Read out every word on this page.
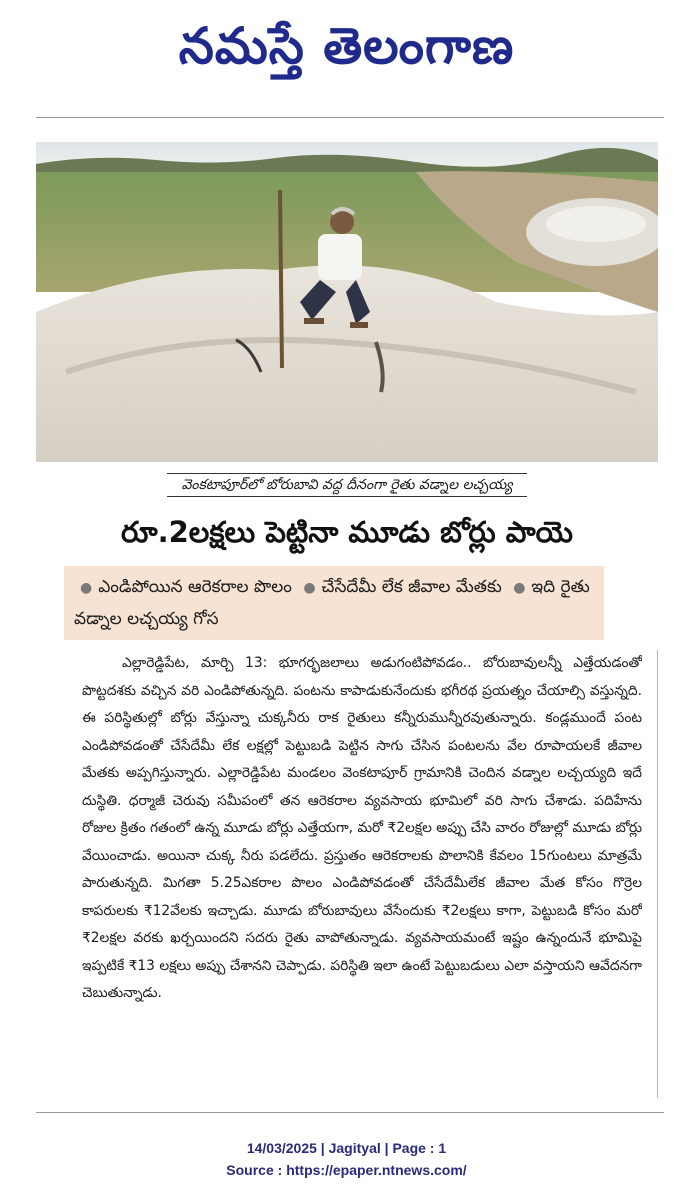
నమస్తే తెలంగాణ
వెంకటాపూర్‌లో బోరుబావి వద్ద దీనంగా రైతు వడ్నాల లచ్చయ్య
రూ.2లక్షలు పెట్టినా మూడు బోర్లు పాయె
● ఎండిపోయిన ఆరెకరాల పొలం ● చేసేదేమీ లేక జీవాల మేతకు ● ఇది రైతు వడ్నాల లచ్చయ్య గోస
ఎల్లారెడ్డిపేట, మార్చి 13: భూగర్భజలాలు అడుగంటిపోవడం.. బోరుబావులన్నీ ఎత్తేయడంతో పొట్టదశకు వచ్చిన వరి ఎండిపోతున్నది. పంటను కాపాడుకునేందుకు భగీరథ ప్రయత్నం చేయాల్సి వస్తున్నది. ఈ పరిస్థితుల్లో బోర్లు వేస్తున్నా చుక్కనీరు రాక రైతులు కన్నీరుమున్నీరవుతున్నారు. కండ్లముందే పంట ఎండిపోవడంతో చేసేదేమీ లేక లక్షల్లో పెట్టుబడి పెట్టిన సాగు చేసిన పంటలను వేల రూపాయలకే జీవాల మేతకు అప్పగిస్తున్నారు. ఎల్లారెడ్డిపేట మండలం వెంకటాపూర్ గ్రామానికి చెందిన వడ్నాల లచ్చయ్యది ఇదే దుస్థితి. ధర్మాజీ చెరువు సమీపంలో తన ఆరెకరాల వ్యవసాయ భూమిలో వరి సాగు చేశాడు. పదిహేను రోజుల క్రితం గతంలో ఉన్న మూడు బోర్లు ఎత్తేయగా, మరో ₹2లక్షల అప్పు చేసి వారం రోజుల్లో మూడు బోర్లు వేయించాడు. అయినా చుక్క నీరు పడలేదు. ప్రస్తుతం ఆరెకరాలకు పొలానికి కేవలం 15గుంటలు మాత్రమే పారుతున్నది. మిగతా 5.25ఎకరాల పొలం ఎండిపోవడంతో చేసేదేమీలేక జీవాల మేత కోసం గొర్రెల కాపరులకు ₹12వేలకు ఇచ్చాడు. మూడు బోరుబావులు వేసేందుకు ₹2లక్షలు కాగా, పెట్టుబడి కోసం మరో ₹2లక్షల వరకు ఖర్చయిందని సదరు రైతు వాపోతున్నాడు. వ్యవసాయమంటే ఇష్టం ఉన్నందునే భూమిపై ఇప్పటికే ₹13 లక్షలు అప్పు చేశానని చెప్పాడు. పరిస్థితి ఇలా ఉంటే పెట్టుబడులు ఎలా వస్తాయని ఆవేదనగా చెబుతున్నాడు.
14/03/2025 | Jagityal | Page : 1
Source : https://epaper.ntnews.com/
